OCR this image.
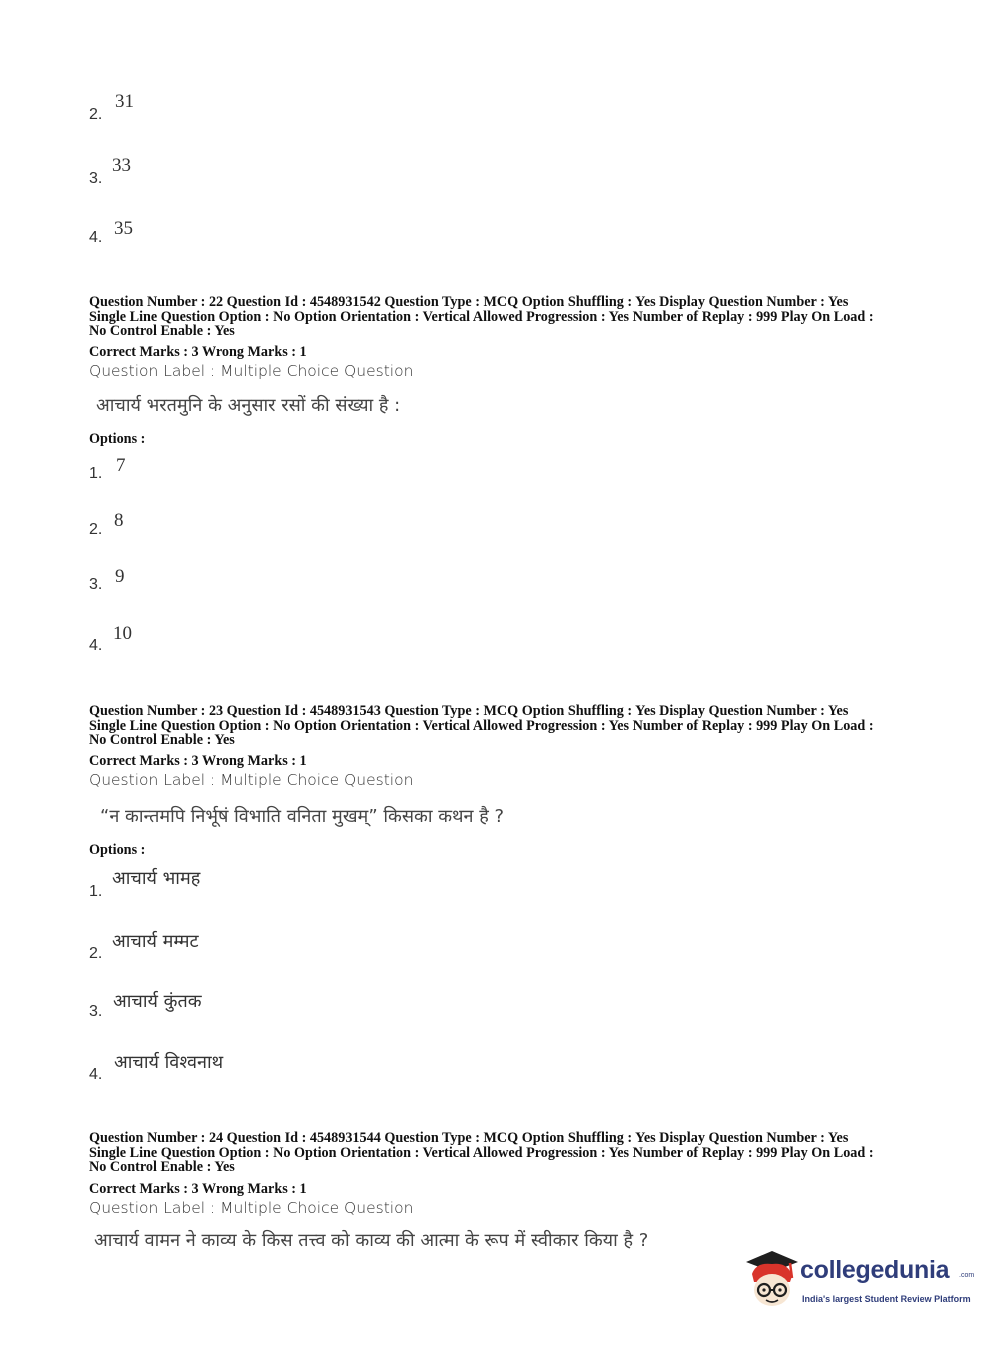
2.
31
3.
33
4. 35
Question Number : 22 Question Id : 4548931542 Question Type : MCQ Option Shuffling : Yes Display Question Number : Yes
Single Line Question Option : No Option Orientation : Vertical Allowed Progression : Yes Number of Replay : 999 Play On Load :
No Control Enable : Yes
Correct Marks : 3 Wrong Marks : 1
Question Label : Multiple Choice Question
आचार्य भरतमुनि के अनुसार रसों की संख्या है :
Options :
1. 7
2. 8
3. 9
4.
10
Question Number : 23 Question Id : 4548931543 Question Type : MCQ Option Shuffling : Yes Display Question Number : Yes
Single Line Question Option : No Option Orientation : Vertical Allowed Progression : Yes Number of Replay : 999 Play On Load :
No Control Enable : Yes
Correct Marks : 3 Wrong Marks : 1
Question Label : Multiple Choice Question
“न कान्तमपि निर्भूषं विभाति वनिता मुखम्” किसका कथन है ?
Options :
1.
आचार्य भामह
2.
आचार्य मम्मट
3. आचार्य कुंतक
4.
आचार्य विश्वनाथ
Question Number : 24 Question Id : 4548931544 Question Type : MCQ Option Shuffling : Yes Display Question Number : Yes
Single Line Question Option : No Option Orientation : Vertical Allowed Progression : Yes Number of Replay : 999 Play On Load :
No Control Enable : Yes
Correct Marks : 3 Wrong Marks : 1
Question Label : Multiple Choice Question
आचार्य वामन ने काव्य के किस तत्त्व को काव्य की आत्मा के रूप में स्वीकार किया है ?
collegedunia .com
India's largest Student Review Platform
